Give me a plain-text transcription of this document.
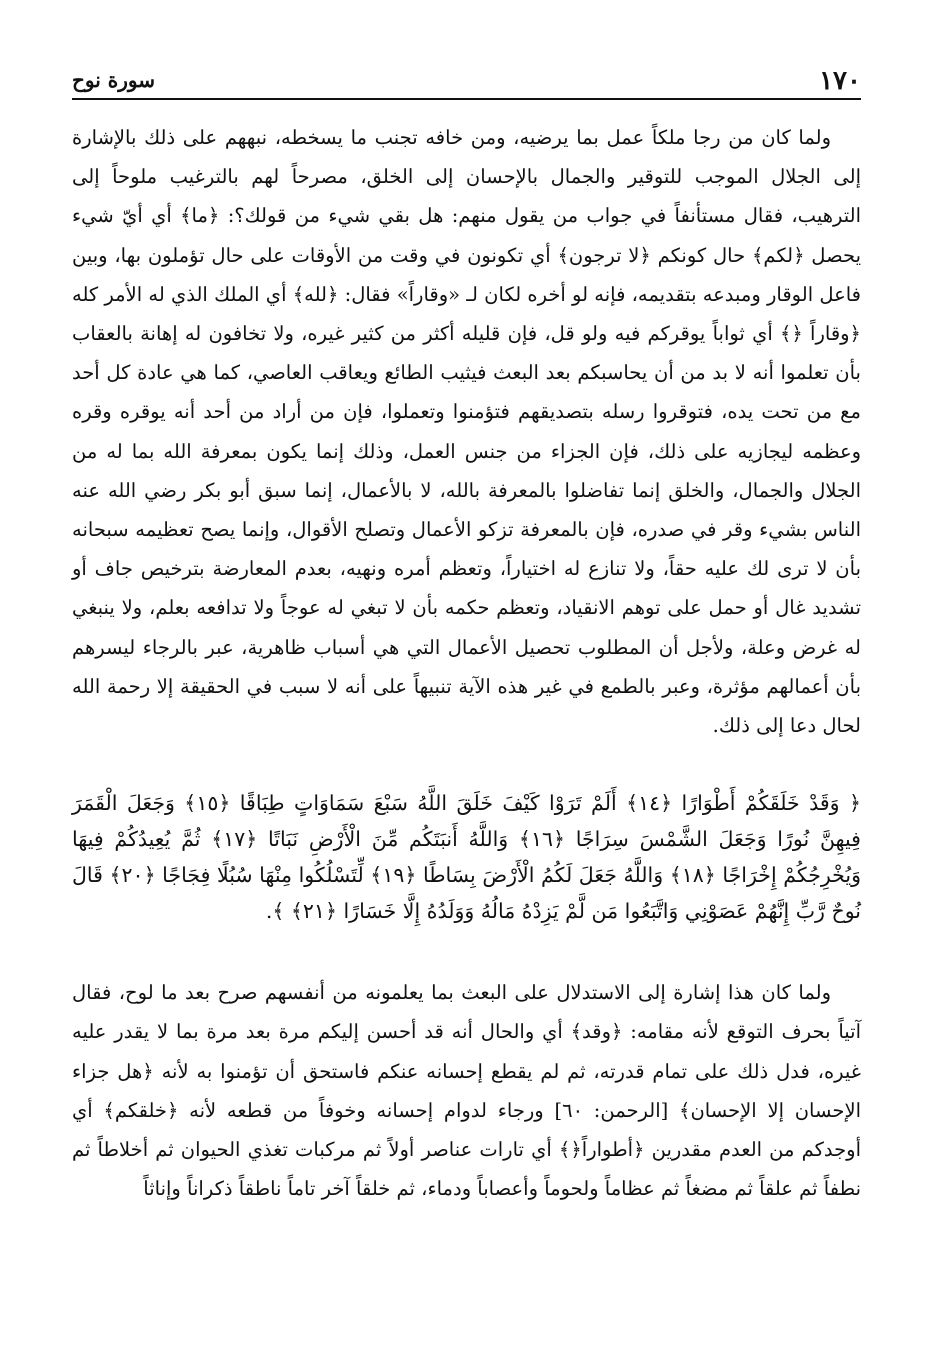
١٧٠
سورة نوح

ولما كان من رجا ملكاً عمل بما يرضيه، ومن خافه تجنب ما يسخطه، نبههم على ذلك بالإشارة إلى الجلال الموجب للتوقير والجمال بالإحسان إلى الخلق، مصرحاً لهم بالترغيب ملوحاً إلى الترهيب، فقال مستأنفاً في جواب من يقول منهم: هل بقي شيء من قولك؟: ﴿ما﴾ أي أيّ شيء يحصل ﴿لكم﴾ حال كونكم ﴿لا ترجون﴾ أي تكونون في وقت من الأوقات على حال تؤملون بها، وبين فاعل الوقار ومبدعه بتقديمه، فإنه لو أخره لكان لـ «وقاراً» فقال: ﴿لله﴾ أي الملك الذي له الأمر كله ﴿وقاراً ﴿﴾ أي ثواباً يوقركم فيه ولو قل، فإن قليله أكثر من كثير غيره، ولا تخافون له إهانة بالعقاب بأن تعلموا أنه لا بد من أن يحاسبكم بعد البعث فيثيب الطائع ويعاقب العاصي، كما هي عادة كل أحد مع من تحت يده، فتوقروا رسله بتصديقهم فتؤمنوا وتعملوا، فإن من أراد من أحد أنه يوقره وقره وعظمه ليجازيه على ذلك، فإن الجزاء من جنس العمل، وذلك إنما يكون بمعرفة الله بما له من الجلال والجمال، والخلق إنما تفاضلوا بالمعرفة بالله، لا بالأعمال، إنما سبق أبو بكر رضي الله عنه الناس بشيء وقر في صدره، فإن بالمعرفة تزكو الأعمال وتصلح الأقوال، وإنما يصح تعظيمه سبحانه بأن لا ترى لك عليه حقاً، ولا تنازع له اختياراً، وتعظم أمره ونهيه، بعدم المعارضة بترخيص جاف أو تشديد غال أو حمل على توهم الانقياد، وتعظم حكمه بأن لا تبغي له عوجاً ولا تدافعه بعلم، ولا ينبغي له غرض وعلة، ولأجل أن المطلوب تحصيل الأعمال التي هي أسباب ظاهرية، عبر بالرجاء ليسرهم بأن أعمالهم مؤثرة، وعبر بالطمع في غير هذه الآية تنبيهاً على أنه لا سبب في الحقيقة إلا رحمة الله لحال دعا إلى ذلك.

﴿ وَقَدْ خَلَقَكُمْ أَطْوَارًا ﴿١٤﴾ أَلَمْ تَرَوْا كَيْفَ خَلَقَ اللَّهُ سَبْعَ سَمَاوَاتٍ طِبَاقًا ﴿١٥﴾ وَجَعَلَ الْقَمَرَ فِيهِنَّ نُورًا وَجَعَلَ الشَّمْسَ سِرَاجًا ﴿١٦﴾ وَاللَّهُ أَنبَتَكُم مِّنَ الْأَرْضِ نَبَاتًا ﴿١٧﴾ ثُمَّ يُعِيدُكُمْ فِيهَا وَيُخْرِجُكُمْ إِخْرَاجًا ﴿١٨﴾ وَاللَّهُ جَعَلَ لَكُمُ الْأَرْضَ بِسَاطًا ﴿١٩﴾ لِّتَسْلُكُوا مِنْهَا سُبُلًا فِجَاجًا ﴿٢٠﴾ قَالَ نُوحٌ رَّبِّ إِنَّهُمْ عَصَوْنِي وَاتَّبَعُوا مَن لَّمْ يَزِدْهُ مَالُهُ وَوَلَدُهُ إِلَّا خَسَارًا ﴿٢١﴾ ﴾.

ولما كان هذا إشارة إلى الاستدلال على البعث بما يعلمونه من أنفسهم صرح بعد ما لوح، فقال آتياً بحرف التوقع لأنه مقامه: ﴿وقد﴾ أي والحال أنه قد أحسن إليكم مرة بعد مرة بما لا يقدر عليه غيره، فدل ذلك على تمام قدرته، ثم لم يقطع إحسانه عنكم فاستحق أن تؤمنوا به لأنه ﴿هل جزاء الإحسان إلا الإحسان﴾ [الرحمن: ٦٠] ورجاء لدوام إحسانه وخوفاً من قطعه لأنه ﴿خلقكم﴾ أي أوجدكم من العدم مقدرين ﴿أطواراً﴿﴾ أي تارات عناصر أولاً ثم مركبات تغذي الحيوان ثم أخلاطاً ثم نطفاً ثم علقاً ثم مضغاً ثم عظاماً ولحوماً وأعصاباً ودماء، ثم خلقاً آخر تاماً ناطقاً ذكراناً وإناثاً
